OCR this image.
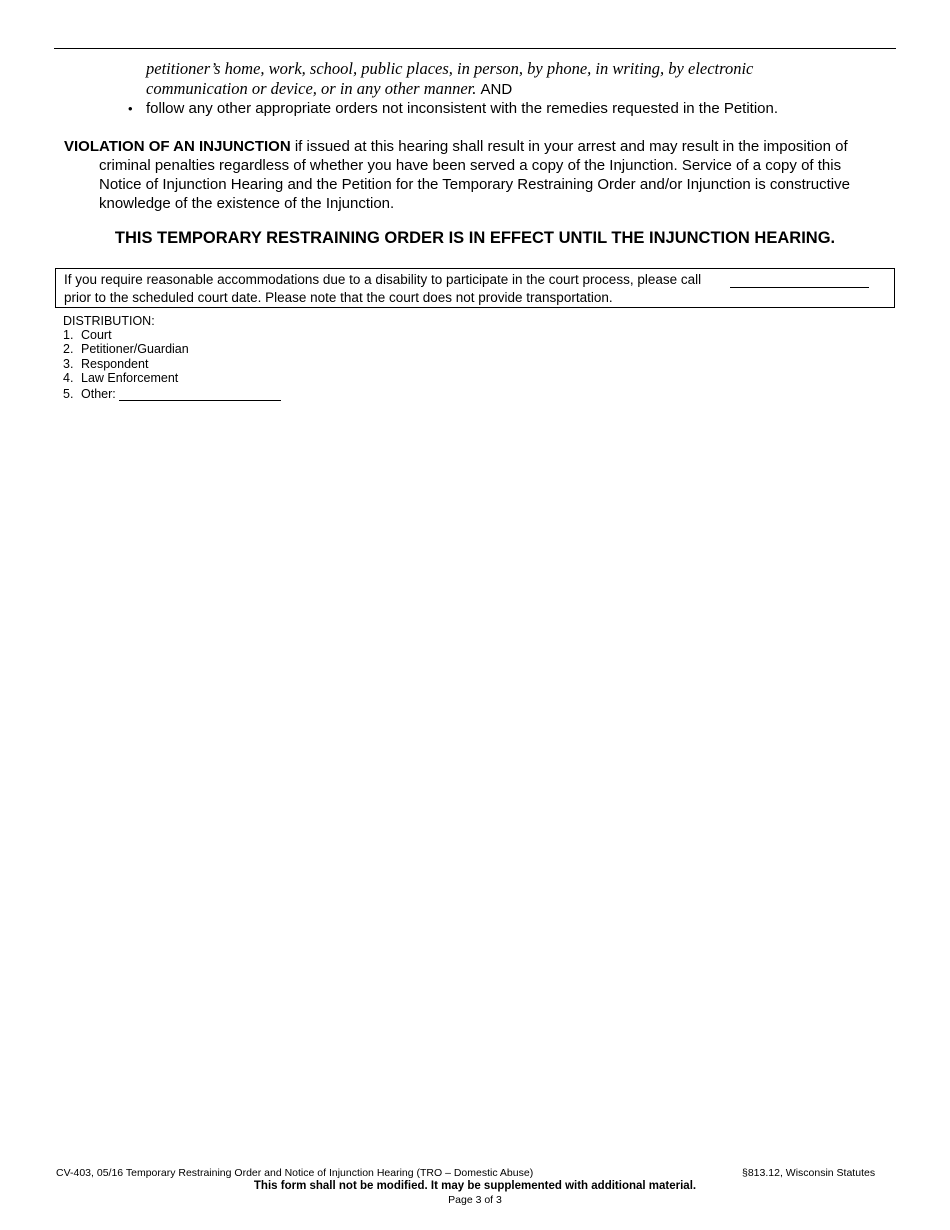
petitioner’s home, work, school, public places, in person, by phone, in writing, by electronic communication or device, or in any other manner. AND
• follow any other appropriate orders not inconsistent with the remedies requested in the Petition.
VIOLATION OF AN INJUNCTION if issued at this hearing shall result in your arrest and may result in the imposition of
criminal penalties regardless of whether you have been served a copy of the Injunction. Service of a copy of this Notice of Injunction Hearing and the Petition for the Temporary Restraining Order and/or Injunction is constructive knowledge of the existence of the Injunction.
THIS TEMPORARY RESTRAINING ORDER IS IN EFFECT UNTIL THE INJUNCTION HEARING.
If you require reasonable accommodations due to a disability to participate in the court process, please call
prior to the scheduled court date. Please note that the court does not provide transportation.
DISTRIBUTION:
1. Court
2. Petitioner/Guardian
3. Respondent
4. Law Enforcement
5. Other:
CV-403, 05/16 Temporary Restraining Order and Notice of Injunction Hearing (TRO – Domestic Abuse)	§813.12, Wisconsin Statutes
This form shall not be modified. It may be supplemented with additional material.
Page 3 of 3
